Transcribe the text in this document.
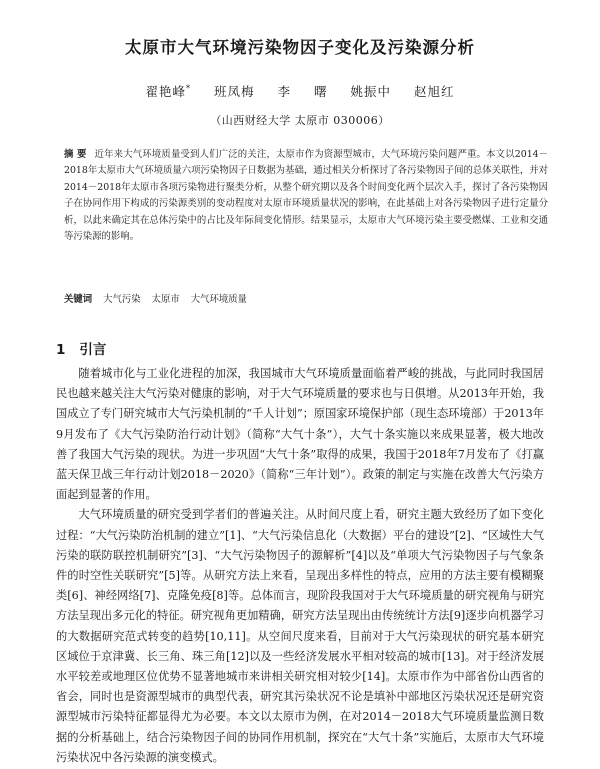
太原市大气环境污染物因子变化及污染源分析
翟艳峰* 班凤梅 李 曙 姚振中 赵旭红
（山西财经大学 太原市 030006）
摘 要 近年来大气环境质量受到人们广泛的关注，太原市作为资源型城市，大气环境污染问题严重。本文以2014－2018年太原市大气环境质量六项污染物因子日数据为基础，通过相关分析探讨了各污染物因子间的总体关联性，并对2014－2018年太原市各项污染物进行聚类分析，从整个研究期以及各个时间变化两个层次入手，探讨了各污染物因子在协同作用下构成的污染源类别的变动程度对太原市环境质量状况的影响，在此基础上对各污染物因子进行定量分析，以此来确定其在总体污染中的占比及年际间变化情形。结果显示，太原市大气环境污染主要受燃煤、工业和交通等污染源的影响。
关键词 大气污染 太原市 大气环境质量
1 引言

随着城市化与工业化进程的加深，我国城市大气环境质量面临着严峻的挑战，与此同时我国居民也越来越关注大气污染对健康的影响，对于大气环境质量的要求也与日俱增。从2013年开始，我国成立了专门研究城市大气污染机制的“千人计划”；原国家环境保护部（现生态环境部）于2013年9月发布了《大气污染防治行动计划》（简称“大气十条”），大气十条实施以来成果显著，极大地改善了我国大气污染的现状。为进一步巩固“大气十条”取得的成果，我国于2018年7月发布了《打赢蓝天保卫战三年行动计划2018－2020》（简称“三年计划”）。政策的制定与实施在改善大气污染方面起到显著的作用。

大气环境质量的研究受到学者们的普遍关注。从时间尺度上看，研究主题大致经历了如下变化过程：“大气污染防治机制的建立”[1]、“大气污染信息化（大数据）平台的建设”[2]、“区域性大气污染的联防联控机制研究”[3]、“大气污染物因子的源解析”[4]以及“单项大气污染物因子与气象条件的时空性关联研究”[5]等。从研究方法上来看，呈现出多样性的特点，应用的方法主要有模糊聚类[6]、神经网络[7]、克隆免疫[8]等。总体而言，现阶段我国对于大气环境质量的研究视角与研究方法呈现出多元化的特征。研究视角更加精确，研究方法呈现出由传统统计方法[9]逐步向机器学习的大数据研究范式转变的趋势[10,11]。从空间尺度来看，目前对于大气污染现状的研究基本研究区域位于京津冀、长三角、珠三角[12]以及一些经济发展水平相对较高的城市[13]。对于经济发展水平较差或地理区位优势不显著地城市来讲相关研究相对较少[14]。太原市作为中部省份山西省的省会，同时也是资源型城市的典型代表，研究其污染状况不论是填补中部地区污染状况还是研究资源型城市污染特征都显得尤为必要。本文以太原市为例，在对2014－2018大气环境质量监测日数据的分析基础上，结合污染物因子间的协同作用机制，探究在“大气十条”实施后，太原市大气环境污染状况中各污染源的演变模式。
